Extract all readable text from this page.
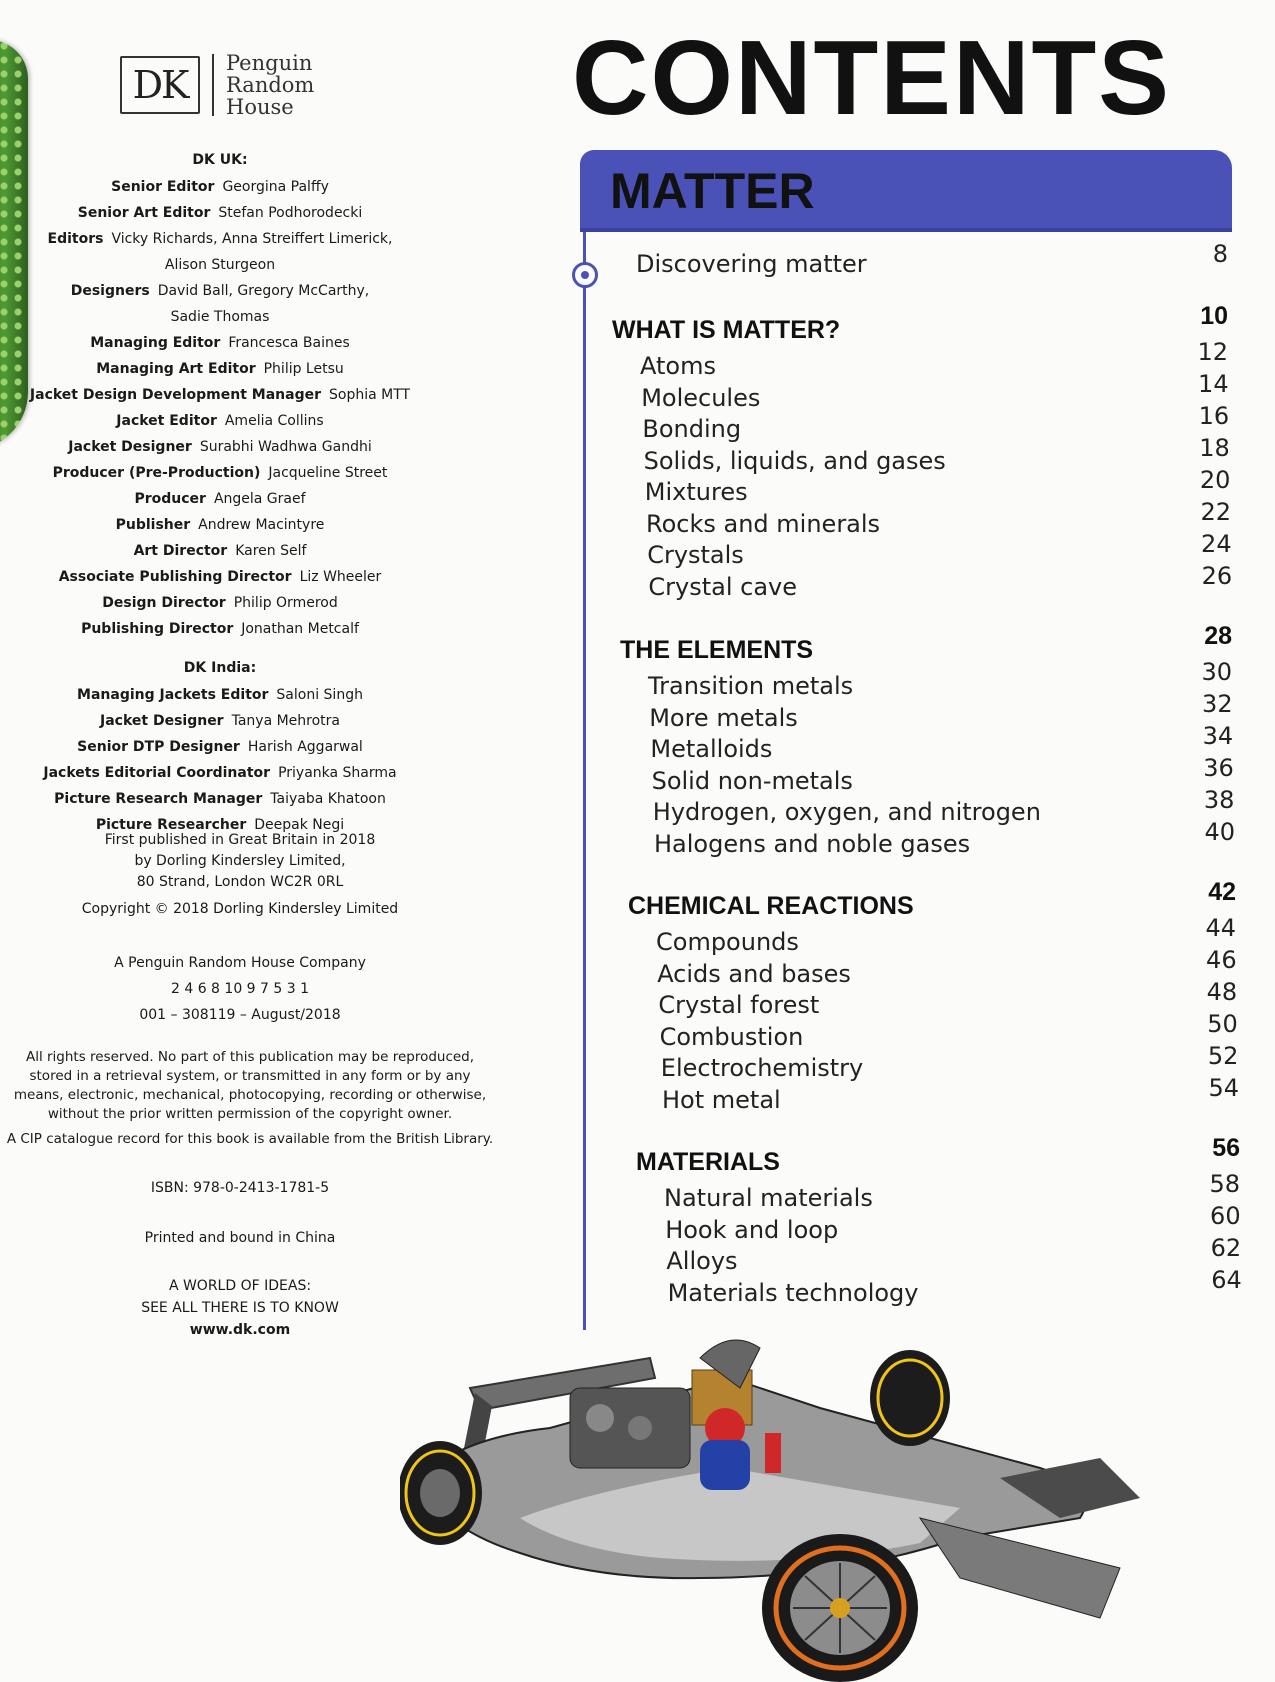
DK	Penguin
Random
House
DK UK:
Senior Editor Georgina Palffy
Senior Art Editor Stefan Podhorodecki
Editors Vicky Richards, Anna Streiffert Limerick,
Alison Sturgeon
Designers David Ball, Gregory McCarthy,
Sadie Thomas
Managing Editor Francesca Baines
Managing Art Editor Philip Letsu
Jacket Design Development Manager Sophia MTT
Jacket Editor Amelia Collins
Jacket Designer Surabhi Wadhwa Gandhi
Producer (Pre-Production) Jacqueline Street
Producer Angela Graef
Publisher Andrew Macintyre
Art Director Karen Self
Associate Publishing Director Liz Wheeler
Design Director Philip Ormerod
Publishing Director Jonathan Metcalf
DK India:
Managing Jackets Editor Saloni Singh
Jacket Designer Tanya Mehrotra
Senior DTP Designer Harish Aggarwal
Jackets Editorial Coordinator Priyanka Sharma
Picture Research Manager Taiyaba Khatoon
Picture Researcher Deepak Negi
First published in Great Britain in 2018
by Dorling Kindersley Limited,
80 Strand, London WC2R 0RL
Copyright © 2018 Dorling Kindersley Limited
A Penguin Random House Company
2 4 6 8 10 9 7 5 3 1
001 – 308119 – August/2018
All rights reserved. No part of this publication may be reproduced,
stored in a retrieval system, or transmitted in any form or by any
means, electronic, mechanical, photocopying, recording or otherwise,
without the prior written permission of the copyright owner.
A CIP catalogue record for this book is available from the British Library.
ISBN: 978-0-2413-1781-5
Printed and bound in China
A WORLD OF IDEAS:
SEE ALL THERE IS TO KNOW
www.dk.com
CONTENTS
MATTER
Discovering matter	8
WHAT IS MATTER?	10
Atoms	12
Molecules	14
Bonding	16
Solids, liquids, and gases	18
Mixtures	20
Rocks and minerals	22
Crystals	24
Crystal cave	26
THE ELEMENTS	28
Transition metals	30
More metals	32
Metalloids	34
Solid non-metals	36
Hydrogen, oxygen, and nitrogen	38
Halogens and noble gases	40
CHEMICAL REACTIONS	42
Compounds	44
Acids and bases	46
Crystal forest	48
Combustion	50
Electrochemistry	52
Hot metal	54
MATERIALS	56
Natural materials	58
Hook and loop	60
Alloys	62
Materials technology	64
